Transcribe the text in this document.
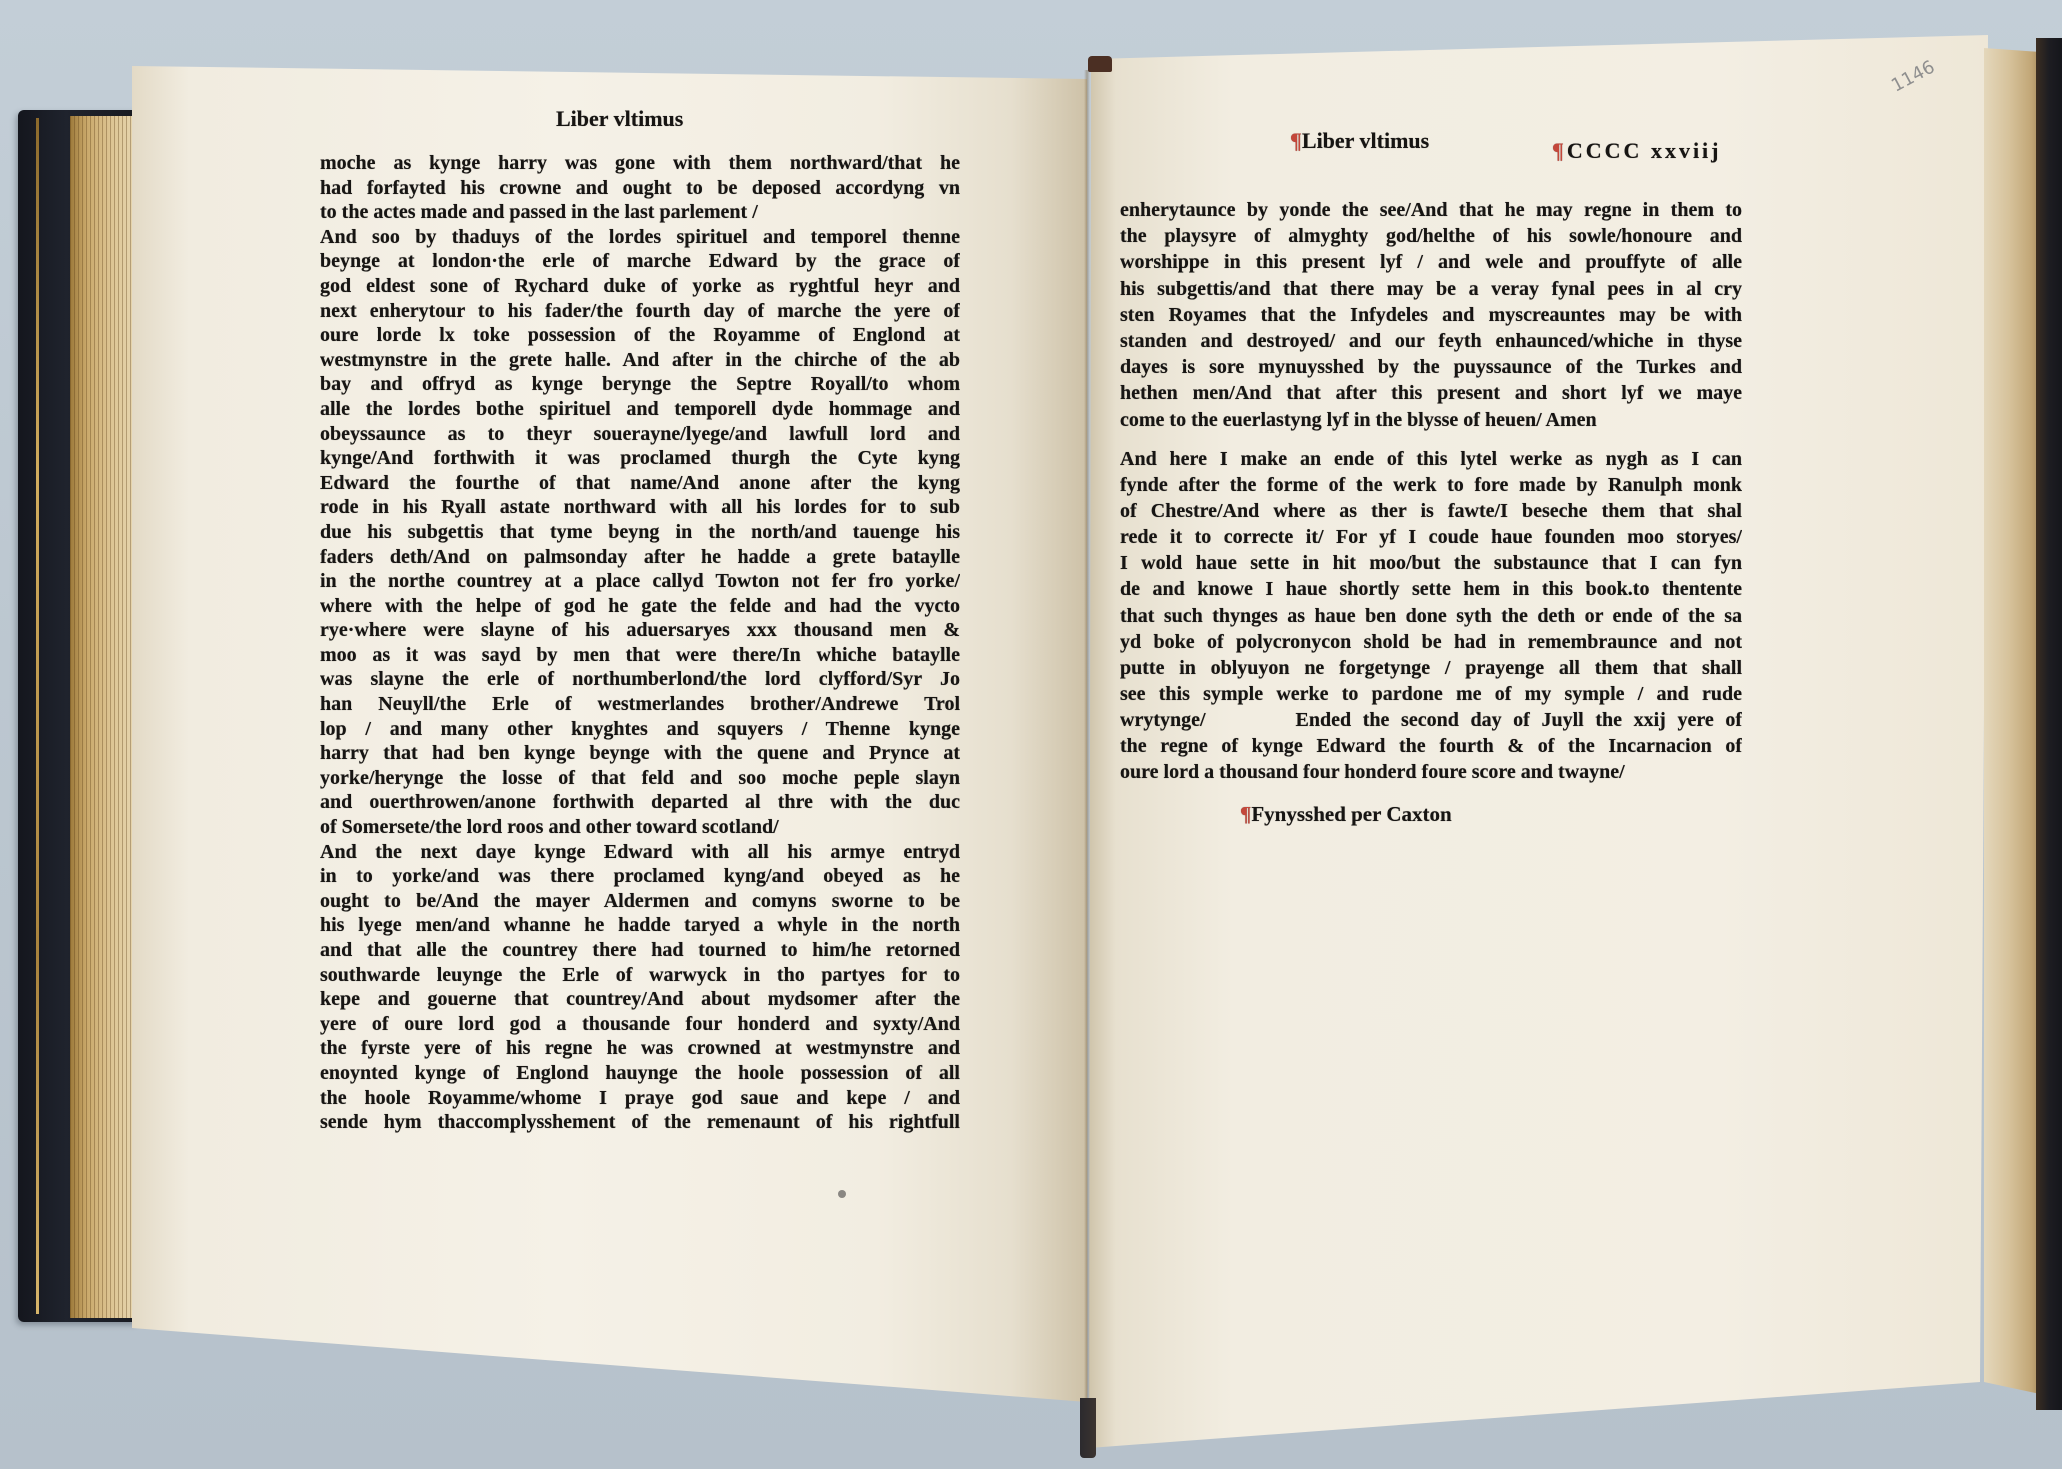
Liber vltimus
moche as kynge harry was gone with them northward/that he
had forfayted his crowne and ought to be deposed accordyng vn
to the actes made and passed in the last parlement /
And soo by thaduys of the lordes spirituel and temporel thenne
beynge at london·the erle of marche Edward by the grace of
god eldest sone of Rychard duke of yorke as ryghtful heyr and
next enherytour to his fader/the fourth day of marche the yere of
oure lorde lx toke possession of the Royamme of Englond at
westmynstre in the grete halle. And after in the chirche of the ab
bay and offryd as kynge berynge the Septre Royall/to whom
alle the lordes bothe spirituel and temporell dyde hommage and
obeyssaunce as to theyr souerayne/lyege/and lawfull lord and
kynge/And forthwith it was proclamed thurgh the Cyte kyng
Edward the fourthe of that name/And anone after the kyng
rode in his Ryall astate northward with all his lordes for to sub
due his subgettis that tyme beyng in the north/and tauenge his
faders deth/And on palmsonday after he hadde a grete bataylle
in the northe countrey at a place callyd Towton not fer fro yorke/
where with the helpe of god he gate the felde and had the vycto
rye·where were slayne of his aduersaryes xxx thousand men &
moo as it was sayd by men that were there/In whiche bataylle
was slayne the erle of northumberlond/the lord clyfford/Syr Jo
han Neuyll/the Erle of westmerlandes brother/Andrewe Trol
lop / and many other knyghtes and squyers / Thenne kynge
harry that had ben kynge beynge with the quene and Prynce at
yorke/herynge the losse of that feld and soo moche peple slayn
and ouerthrowen/anone forthwith departed al thre with the duc
of Somersete/the lord roos and other toward scotland/
And the next daye kynge Edward with all his armye entryd
in to yorke/and was there proclamed kyng/and obeyed as he
ought to be/And the mayer Aldermen and comyns sworne to be
his lyege men/and whanne he hadde taryed a whyle in the north
and that alle the countrey there had tourned to him/he retorned
southwarde leuynge the Erle of warwyck in tho partyes for to
kepe and gouerne that countrey/And about mydsomer after the
yere of oure lord god a thousande four honderd and syxty/And
the fyrste yere of his regne he was crowned at westmynstre and
enoynted kynge of Englond hauynge the hoole possession of all
the hoole Royamme/whome I praye god saue and kepe / and
sende hym thaccomplysshement of the remenaunt of his rightfull
¶Liber vltimus	¶CCCC xxviij
enherytaunce by yonde the see/And that he may regne in them to
the playsyre of almyghty god/helthe of his sowle/honoure and
worshippe in this present lyf / and wele and prouffyte of alle
his subgettis/and that there may be a veray fynal pees in al cry
sten Royames that the Infydeles and myscreauntes may be with
standen and destroyed/ and our feyth enhaunced/whiche in thyse
dayes is sore mynuysshed by the puyssaunce of the Turkes and
hethen men/And that after this present and short lyf we maye
come to the euerlastyng lyf in the blysse of heuen/ Amen
And here I make an ende of this lytel werke as nygh as I can
fynde after the forme of the werk to fore made by Ranulph monk
of Chestre/And where as ther is fawte/I beseche them that shal
rede it to correcte it/ For yf I coude haue founden moo storyes/
I wold haue sette in hit moo/but the substaunce that I can fyn
de and knowe I haue shortly sette hem in this book.to thentente
that such thynges as haue ben done syth the deth or ende of the sa
yd boke of polycronycon shold be had in remembraunce and not
putte in oblyuyon ne forgetynge / prayenge all them that shall
see this symple werke to pardone me of my symple / and rude
wrytynge/	Ended the second day of Juyll the xxij yere of
the regne of kynge Edward the fourth & of the Incarnacion of
oure lord a thousand four honderd foure score and twayne/
¶Fynysshed per Caxton
1146
